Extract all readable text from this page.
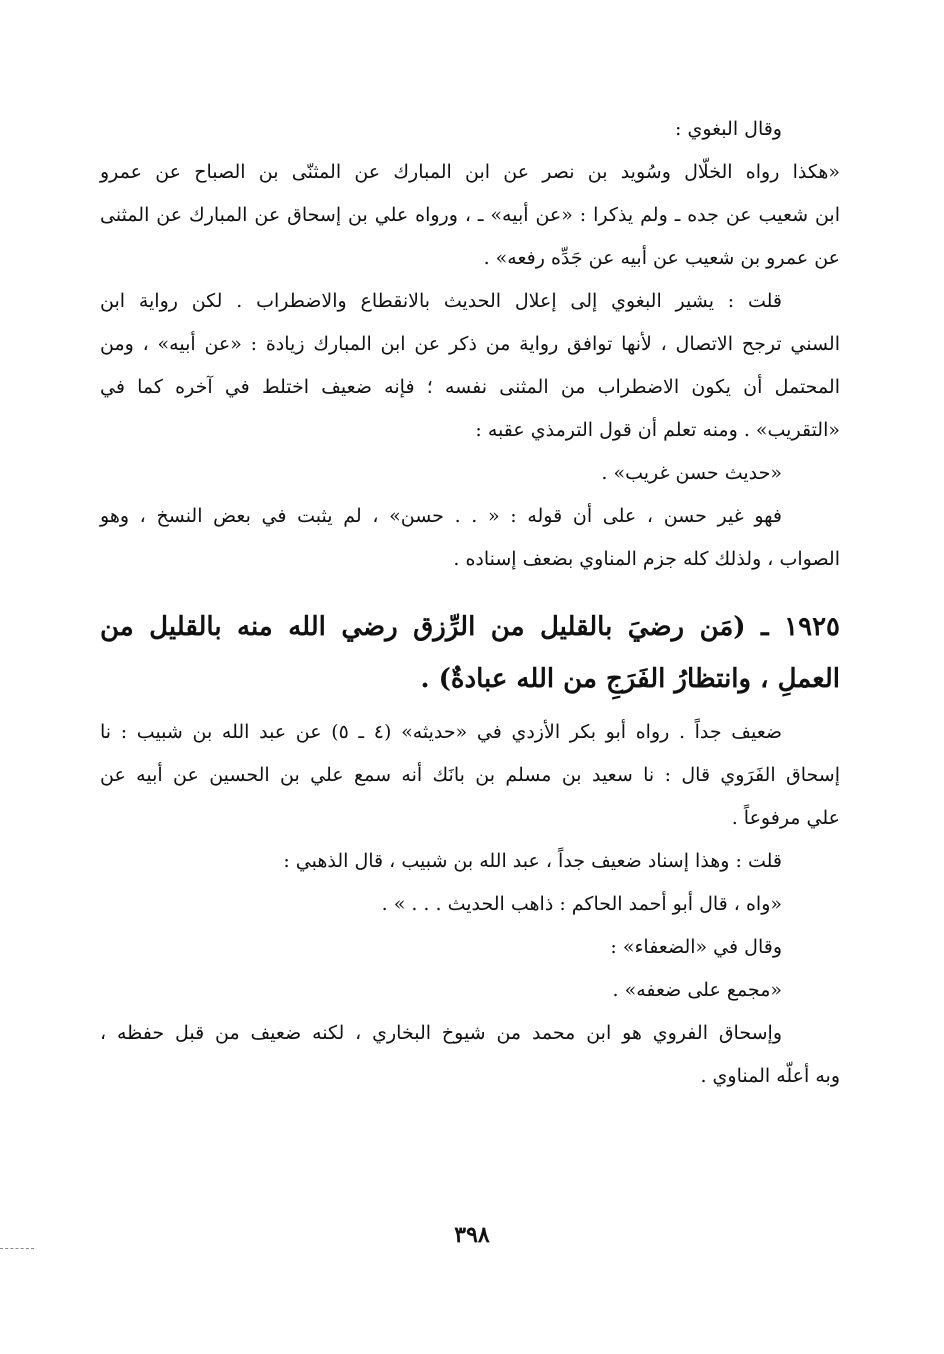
وقال البغوي :
«هكذا رواه الخلّال وسُويد بن نصر عن ابن المبارك عن المثنّى بن الصباح عن عمرو
ابن شعيب عن جده ـ ولم يذكرا : «عن أبيه» ـ ، ورواه علي بن إسحاق عن المبارك عن المثنى
عن عمرو بن شعيب عن أبيه عن جَدِّه رفعه» .
قلت : يشير البغوي إلى إعلال الحديث بالانقطاع والاضطراب . لكن رواية ابن
السني ترجح الاتصال ، لأنها توافق رواية من ذكر عن ابن المبارك زيادة : «عن أبيه» ، ومن
المحتمل أن يكون الاضطراب من المثنى نفسه ؛ فإنه ضعيف اختلط في آخره كما في
«التقريب» . ومنه تعلم أن قول الترمذي عقبه :
«حديث حسن غريب» .
فهو غير حسن ، على أن قوله : « . . حسن» ، لم يثبت في بعض النسخ ، وهو
الصواب ، ولذلك كله جزم المناوي بضعف إسناده .
١٩٢٥ ـ (مَن رضيَ بالقليل من الرِّزق رضي الله منه بالقليل من
العملِ ، وانتظارُ الفَرَجِ من الله عبادةٌ) .
ضعيف جداً . رواه أبو بكر الأزدي في «حديثه» (٤ ـ ٥) عن عبد الله بن شبيب : نا
إسحاق الفَرَوي قال : نا سعيد بن مسلم بن بانَك أنه سمع علي بن الحسين عن أبيه عن
علي مرفوعاً .
قلت : وهذا إسناد ضعيف جداً ، عبد الله بن شبيب ، قال الذهبي :
«واه ، قال أبو أحمد الحاكم : ذاهب الحديث . . . » .
وقال في «الضعفاء» :
«مجمع على ضعفه» .
وإسحاق الفروي هو ابن محمد من شيوخ البخاري ، لكنه ضعيف من قبل حفظه ،
وبه أعلّه المناوي .
٣٩٨
